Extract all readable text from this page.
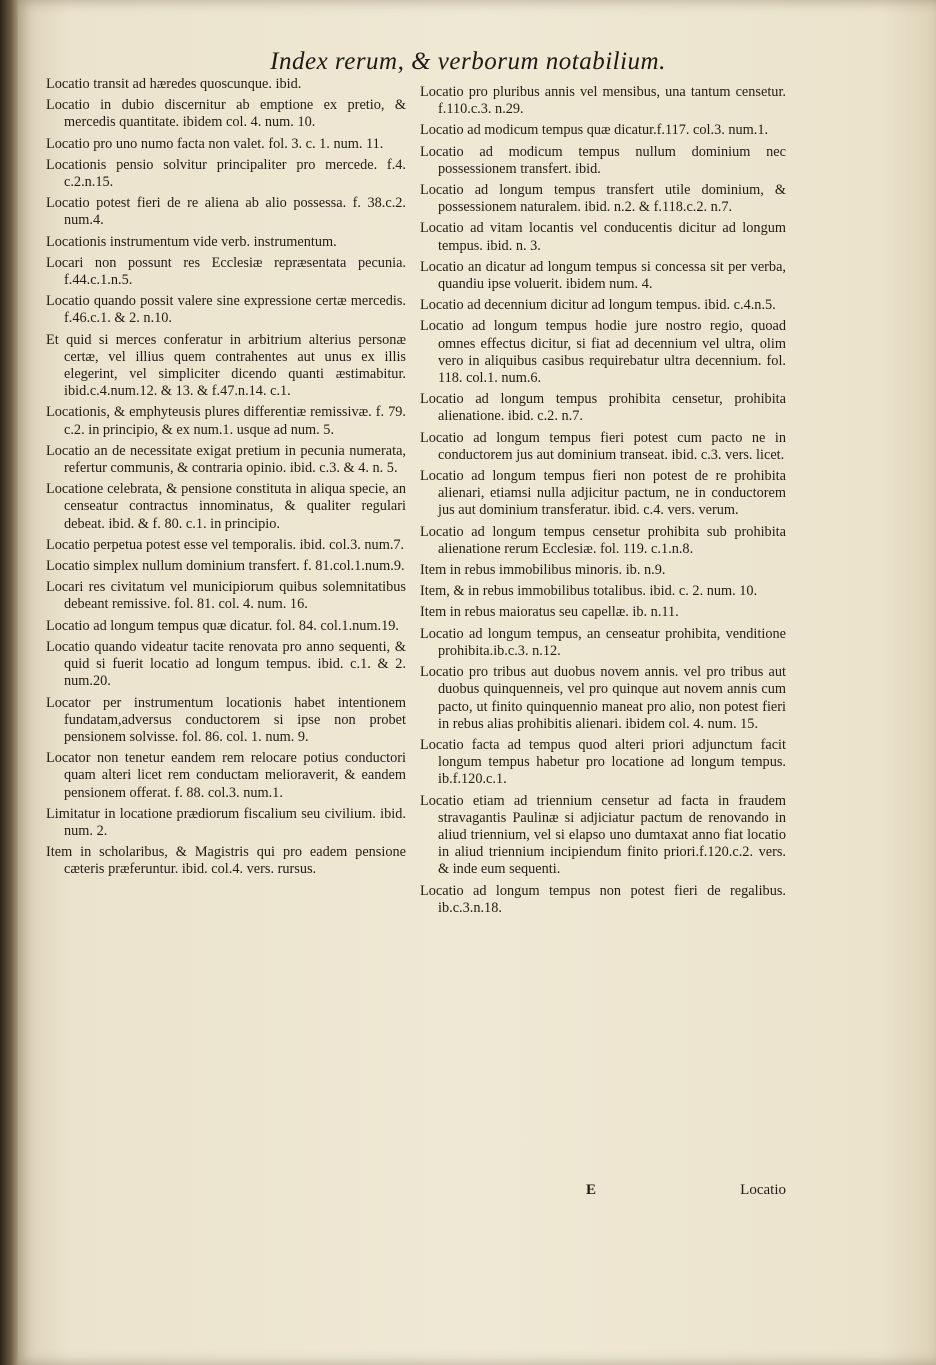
Index rerum, & verborum notabilium.

Locatio transit ad hæredes quoscunque. ibid.

Locatio in dubio discernitur ab emptione ex pretio, & mercedis quantitate. ibidem col. 4. num. 10.

Locatio pro uno numo facta non valet. fol. 3. c. 1. num. 11.

Locationis pensio solvitur principaliter pro mercede. f.4. c.2.n.15.

Locatio potest fieri de re aliena ab alio possessa. f. 38.c.2. num.4.

Locationis instrumentum vide verb. instrumentum.

Locari non possunt res Ecclesiæ repræsentata pecunia. f.44.c.1.n.5.

Locatio quando possit valere sine expressione certæ mercedis. f.46.c.1. & 2. n.10.

Et quid si merces conferatur in arbitrium alterius personæ certæ, vel illius quem contrahentes aut unus ex illis elegerint, vel simpliciter dicendo quanti æstimabitur. ibid.c.4.num.12. & 13. & f.47.n.14. c.1.

Locationis, & emphyteusis plures differentiæ remissivæ. f. 79. c.2. in principio, & ex num.1. usque ad num. 5.

Locatio an de necessitate exigat pretium in pecunia numerata, refertur communis, & contraria opinio. ibid. c.3. & 4. n. 5.

Locatione celebrata, & pensione constituta in aliqua specie, an censeatur contractus innominatus, & qualiter regulari debeat. ibid. & f. 80. c.1. in principio.

Locatio perpetua potest esse vel temporalis. ibid. col.3. num.7.

Locatio simplex nullum dominium transfert. f. 81.col.1.num.9.

Locari res civitatum vel municipiorum quibus solemnitatibus debeant remissive. fol. 81. col. 4. num. 16.

Locatio ad longum tempus quæ dicatur. fol. 84. col.1.num.19.

Locatio quando videatur tacite renovata pro anno sequenti, & quid si fuerit locatio ad longum tempus. ibid. c.1. & 2. num.20.

Locator per instrumentum locationis habet intentionem fundatam,adversus conductorem si ipse non probet pensionem solvisse. fol. 86. col. 1. num. 9.

Locator non tenetur eandem rem relocare potius conductori quam alteri licet rem conductam melioraverit, & eandem pensionem offerat. f. 88. col.3. num.1.

Limitatur in locatione prædiorum fiscalium seu civilium. ibid. num. 2.

Item in scholaribus, & Magistris qui pro eadem pensione cæteris præferuntur. ibid. col.4. vers. rursus.

Locatio pro pluribus annis vel mensibus, una tantum censetur. f.110.c.3. n.29.

Locatio ad modicum tempus quæ dicatur.f.117. col.3. num.1.

Locatio ad modicum tempus nullum dominium nec possessionem transfert. ibid.

Locatio ad longum tempus transfert utile dominium, & possessionem naturalem. ibid. n.2. & f.118.c.2. n.7.

Locatio ad vitam locantis vel conducentis dicitur ad longum tempus. ibid. n. 3.

Locatio an dicatur ad longum tempus si concessa sit per verba, quandiu ipse voluerit. ibidem num. 4.

Locatio ad decennium dicitur ad longum tempus. ibid. c.4.n.5.

Locatio ad longum tempus hodie jure nostro regio, quoad omnes effectus dicitur, si fiat ad decennium vel ultra, olim vero in aliquibus casibus requirebatur ultra decennium. fol. 118. col.1. num.6.

Locatio ad longum tempus prohibita censetur, prohibita alienatione. ibid. c.2. n.7.

Locatio ad longum tempus fieri potest cum pacto ne in conductorem jus aut dominium transeat. ibid. c.3. vers. licet.

Locatio ad longum tempus fieri non potest de re prohibita alienari, etiamsi nulla adjicitur pactum, ne in conductorem jus aut dominium transferatur. ibid. c.4. vers. verum.

Locatio ad longum tempus censetur prohibita sub prohibita alienatione rerum Ecclesiæ. fol. 119. c.1.n.8.

Item in rebus immobilibus minoris. ib. n.9.

Item, & in rebus immobilibus totalibus. ibid. c. 2. num. 10.

Item in rebus maioratus seu capellæ. ib. n.11.

Locatio ad longum tempus, an censeatur prohibita, venditione prohibita.ib.c.3. n.12.

Locatio pro tribus aut duobus novem annis. vel pro tribus aut duobus quinquenneis, vel pro quinque aut novem annis cum pacto, ut finito quinquennio maneat pro alio, non potest fieri in rebus alias prohibitis alienari. ibidem col. 4. num. 15.

Locatio facta ad tempus quod alteri priori adjunctum facit longum tempus habetur pro locatione ad longum tempus. ib.f.120.c.1.

Locatio etiam ad triennium censetur ad facta in fraudem stravagantis Paulinæ si adjiciatur pactum de renovando in aliud triennium, vel si elapso uno dumtaxat anno fiat locatio in aliud triennium incipiendum finito priori.f.120.c.2. vers. & inde eum sequenti.

Locatio ad longum tempus non potest fieri de regalibus. ib.c.3.n.18.

E	Locatio
